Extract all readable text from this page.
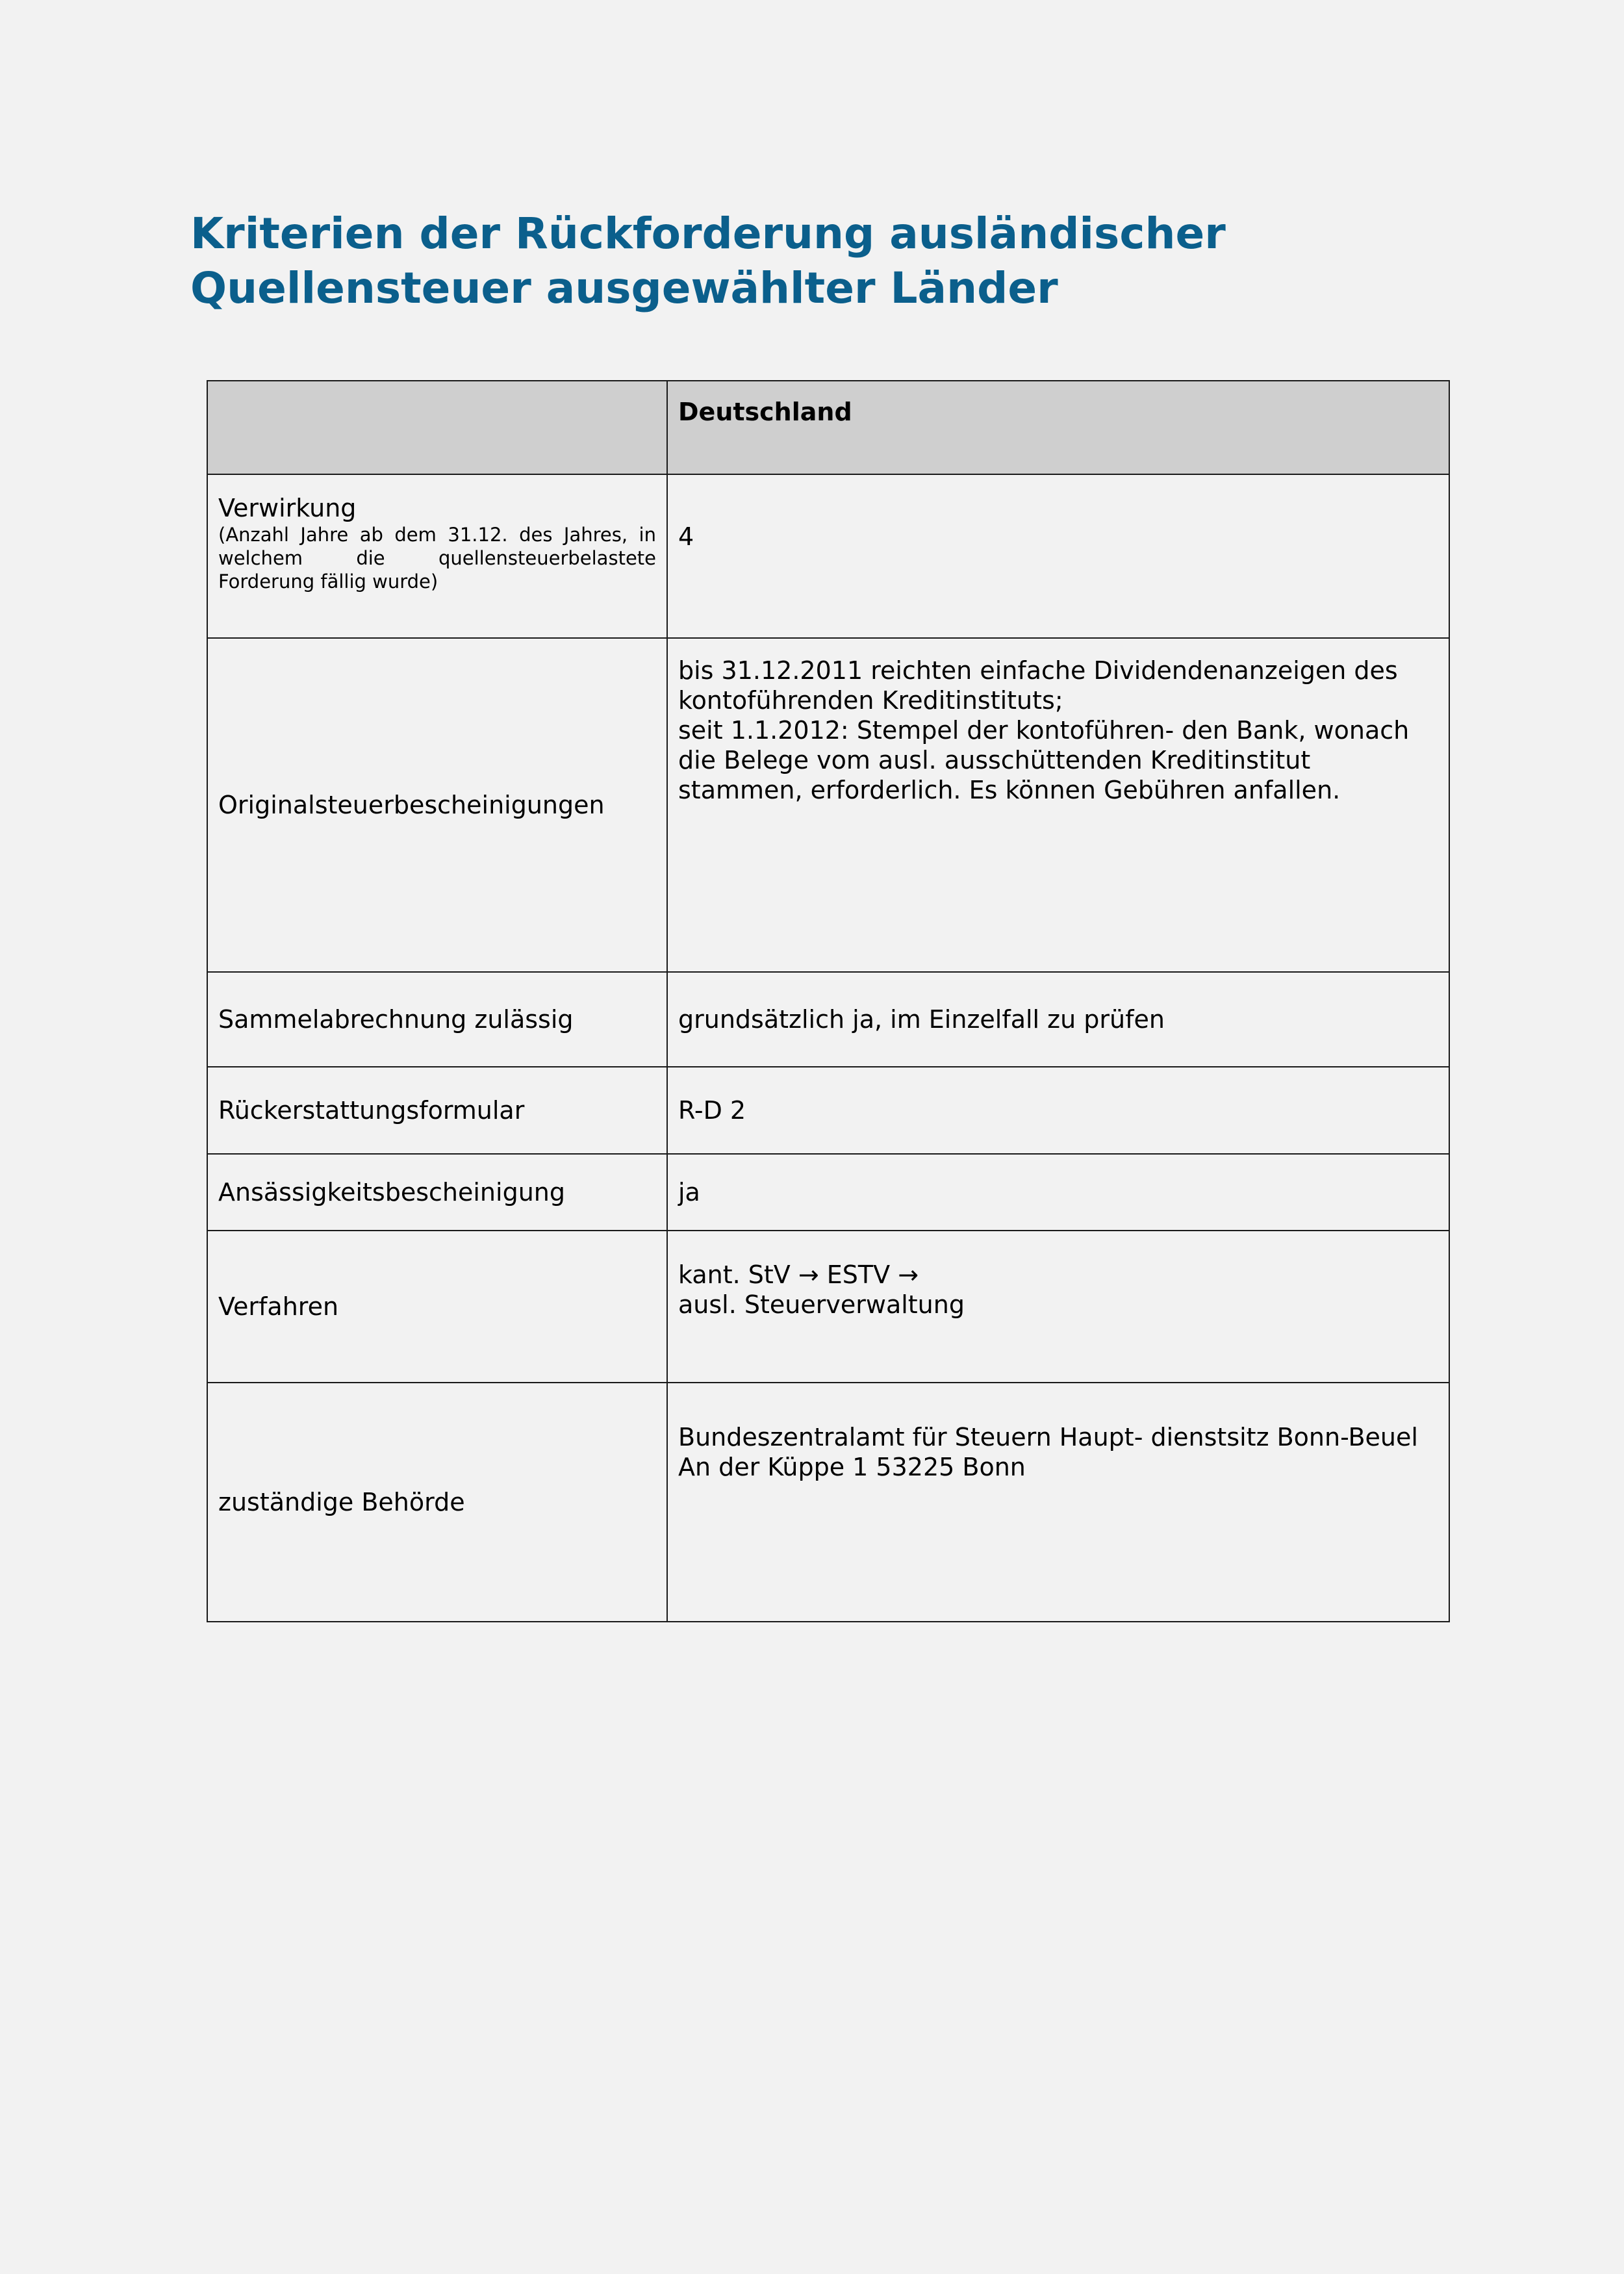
Kriterien der Rückforderung ausländischer
Quellensteuer ausgewählter Länder
	Deutschland

Verwirkung
(Anzahl Jahre ab dem 31.12. des Jahres, in welchem die quellensteuerbelastete Forderung fällig wurde)	4
Originalsteuerbescheinigungen	bis 31.12.2011 reichten einfache Dividendenanzeigen des kontoführenden Kreditinstituts;
seit 1.1.2012: Stempel der kontoführen- den Bank, wonach die Belege vom ausl. ausschüttenden Kreditinstitut stammen, erforderlich. Es können Gebühren anfallen.

Sammelabrechnung zulässig	grundsätzlich ja, im Einzelfall zu prüfen
Rückerstattungsformular	R-D 2
Ansässigkeitsbescheinigung	ja
Verfahren	kant. StV → ESTV →
ausl. Steuerverwaltung

zuständige Behörde	Bundeszentralamt für Steuern Haupt- dienstsitz Bonn-Beuel
An der Küppe 1 53225 Bonn
